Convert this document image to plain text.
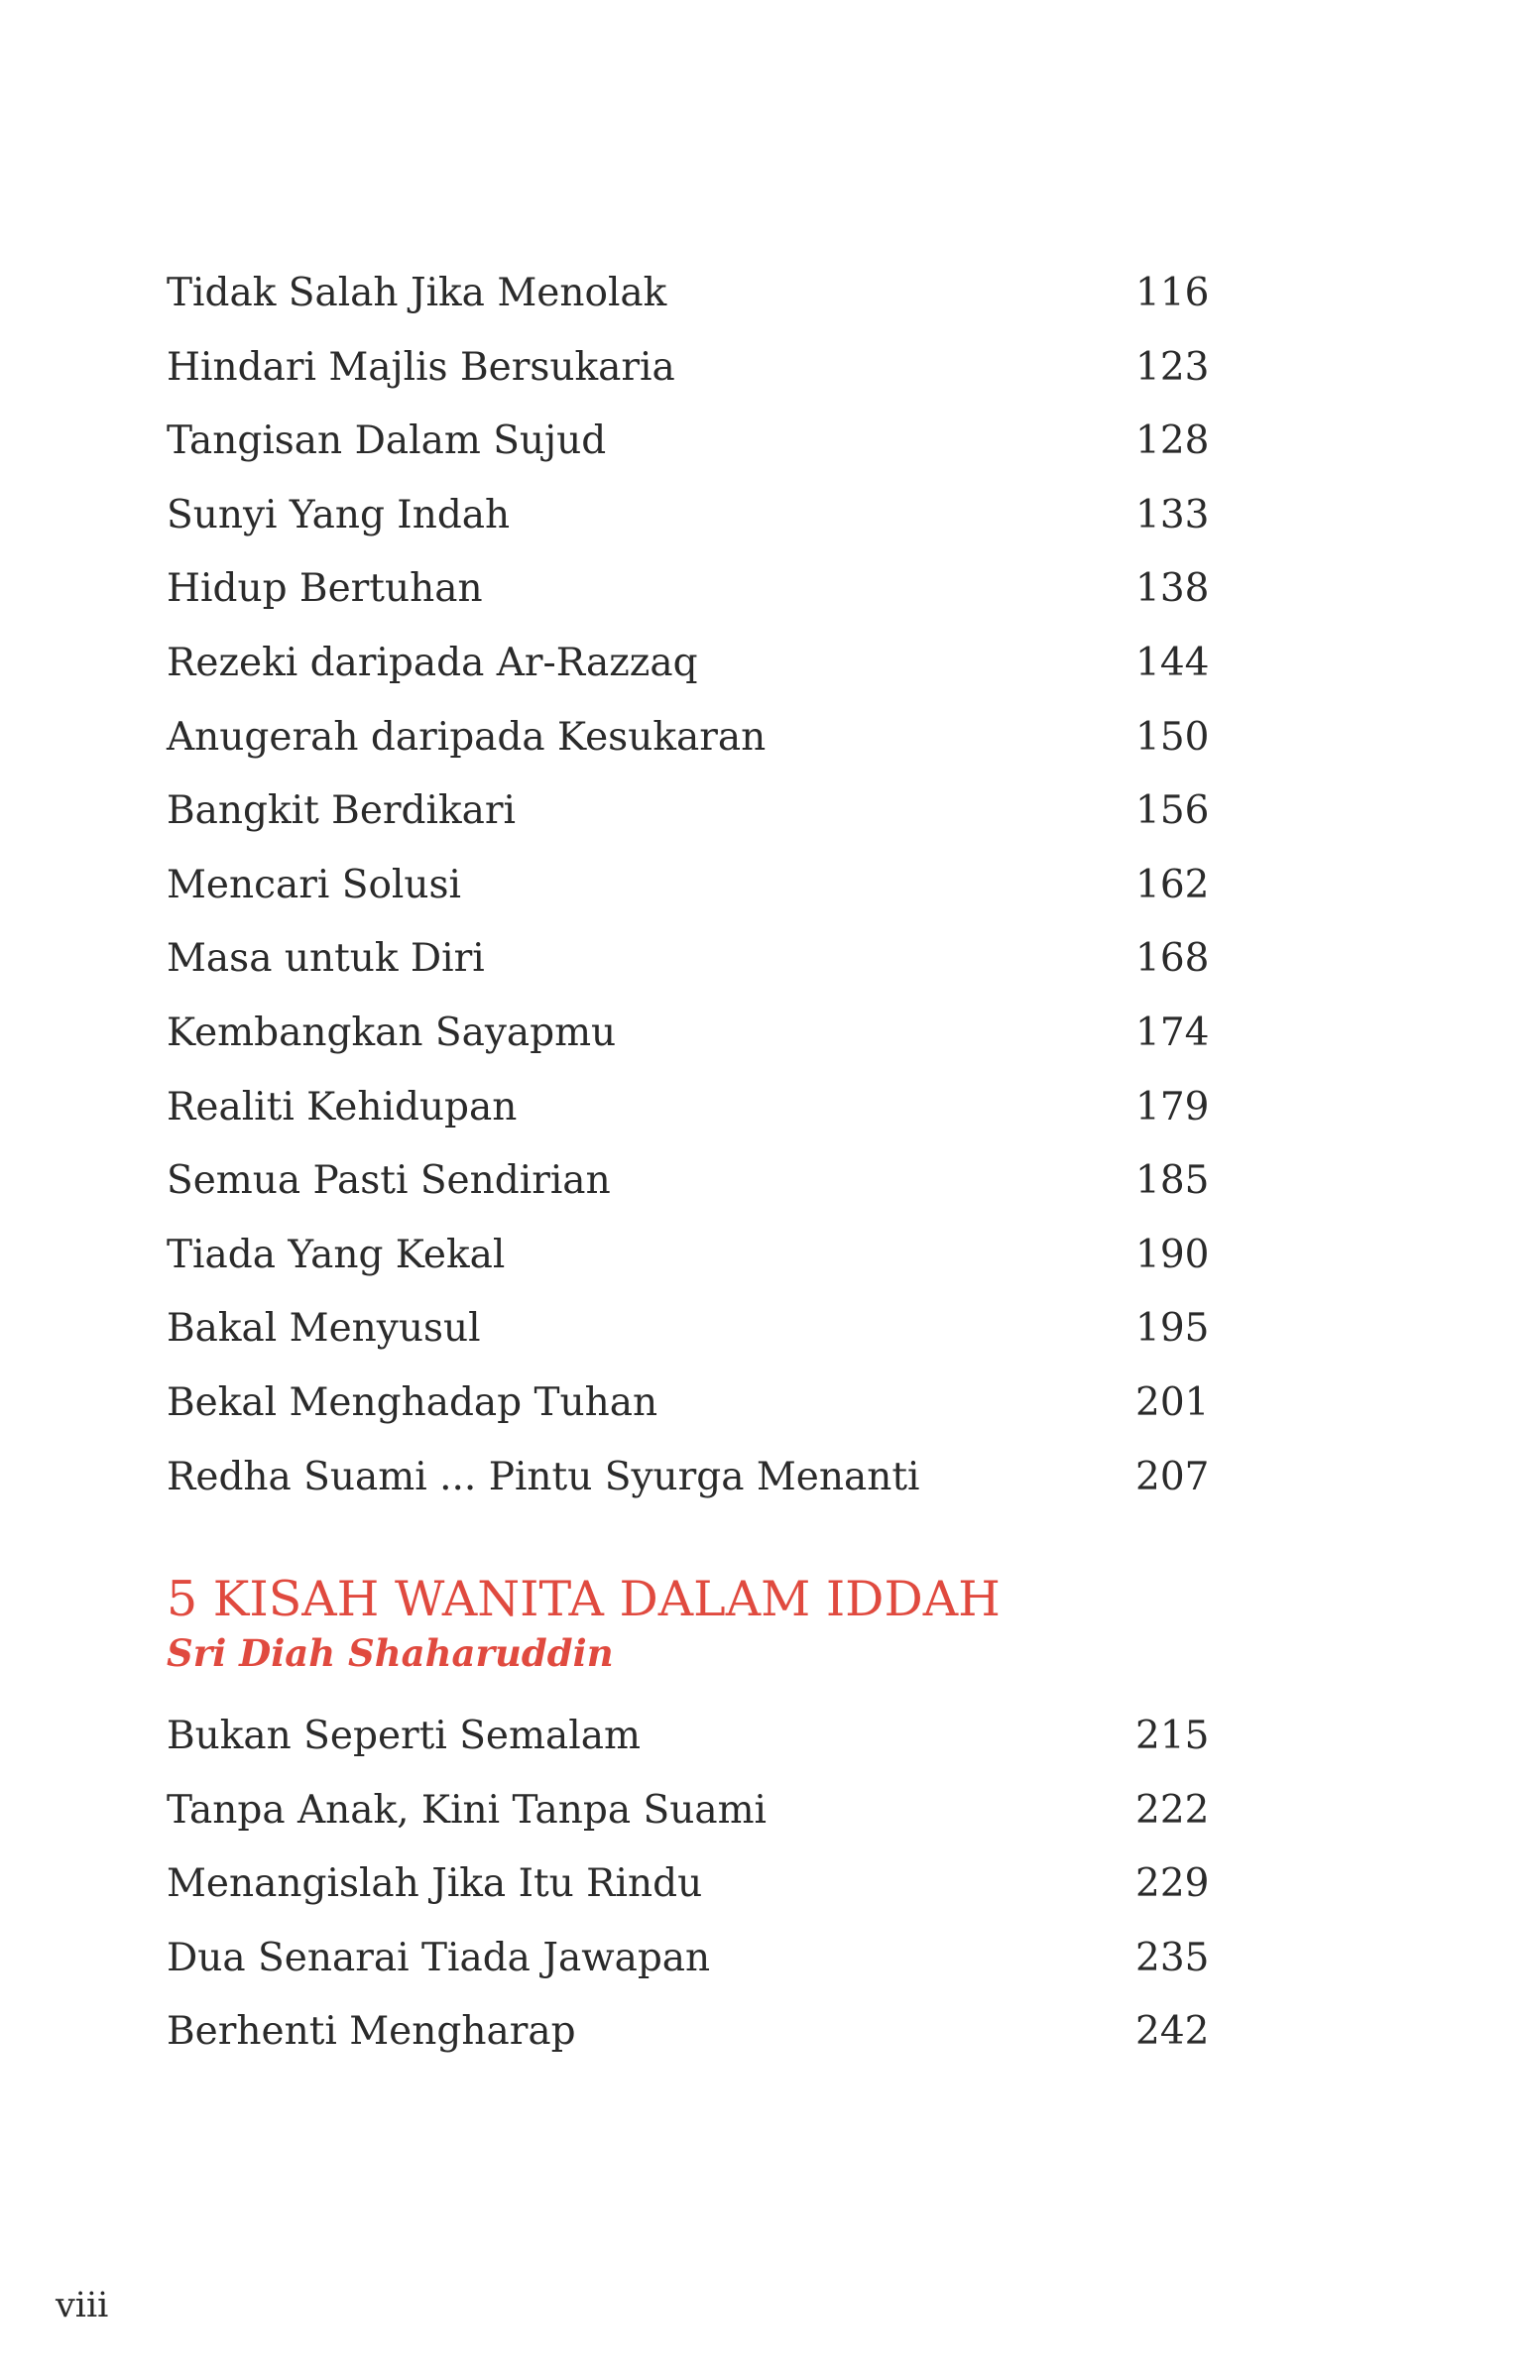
Tidak Salah Jika Menolak	116
Hindari Majlis Bersukaria	123
Tangisan Dalam Sujud	128
Sunyi Yang Indah	133
Hidup Bertuhan	138
Rezeki daripada Ar-Razzaq	144
Anugerah daripada Kesukaran	150
Bangkit Berdikari	156
Mencari Solusi	162
Masa untuk Diri	168
Kembangkan Sayapmu	174
Realiti Kehidupan	179
Semua Pasti Sendirian	185
Tiada Yang Kekal	190
Bakal Menyusul	195
Bekal Menghadap Tuhan	201
Redha Suami ... Pintu Syurga Menanti	207
5 KISAH WANITA DALAM IDDAH
Sri Diah Shaharuddin
Bukan Seperti Semalam	215
Tanpa Anak, Kini Tanpa Suami	222
Menangislah Jika Itu Rindu	229
Dua Senarai Tiada Jawapan	235
Berhenti Mengharap	242
viii
